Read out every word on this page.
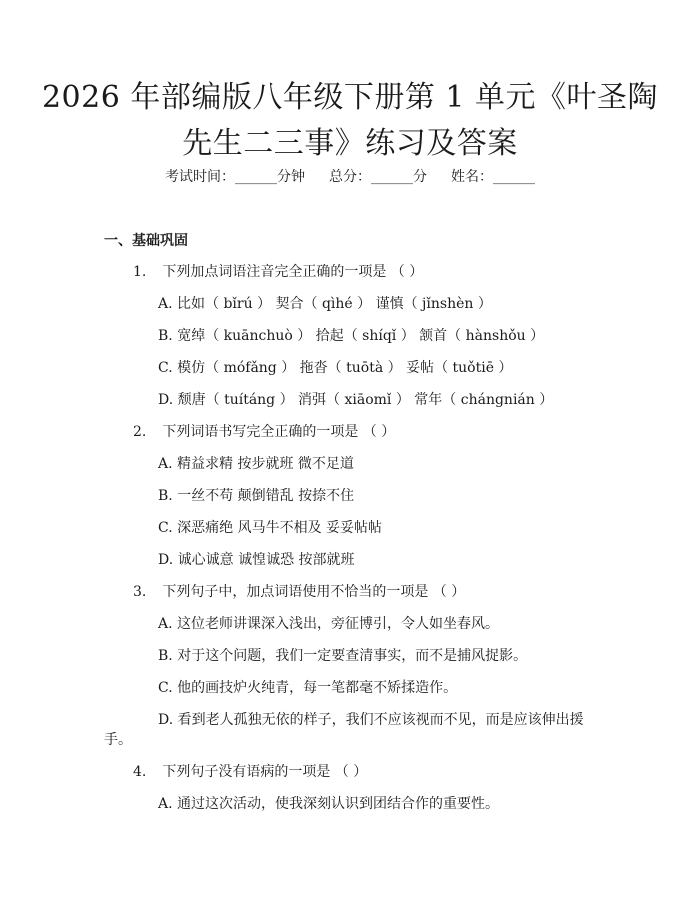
2026 年部编版八年级下册第 1 单元《叶圣陶
先生二三事》练习及答案
考试时间：______分钟 总分：______分 姓名：______
一、基础巩固
1. 下列加点词语注音完全正确的一项是 （ ）
A. 比如（ bǐrú ） 契合（ qìhé ） 谨慎（ jǐnshèn ）
B. 宽绰（ kuānchuò ） 拾起（ shíqǐ ） 颔首（ hànshǒu ）
C. 模仿（ mófǎng ） 拖沓（ tuōtà ） 妥帖（ tuǒtiē ）
D. 颓唐（ tuítáng ） 消弭（ xiāomǐ ） 常年（ chángnián ）
2. 下列词语书写完全正确的一项是 （ ）
A. 精益求精 按步就班 微不足道
B. 一丝不苟 颠倒错乱 按捺不住
C. 深恶痛绝 风马牛不相及 妥妥帖帖
D. 诚心诚意 诚惶诚恐 按部就班
3. 下列句子中，加点词语使用不恰当的一项是 （ ）
A. 这位老师讲课深入浅出，旁征博引，令人如坐春风。
B. 对于这个问题，我们一定要查清事实，而不是捕风捉影。
C. 他的画技炉火纯青，每一笔都毫不矫揉造作。
D. 看到老人孤独无依的样子，我们不应该视而不见，而是应该伸出援
手。
4. 下列句子没有语病的一项是 （ ）
A. 通过这次活动，使我深刻认识到团结合作的重要性。
